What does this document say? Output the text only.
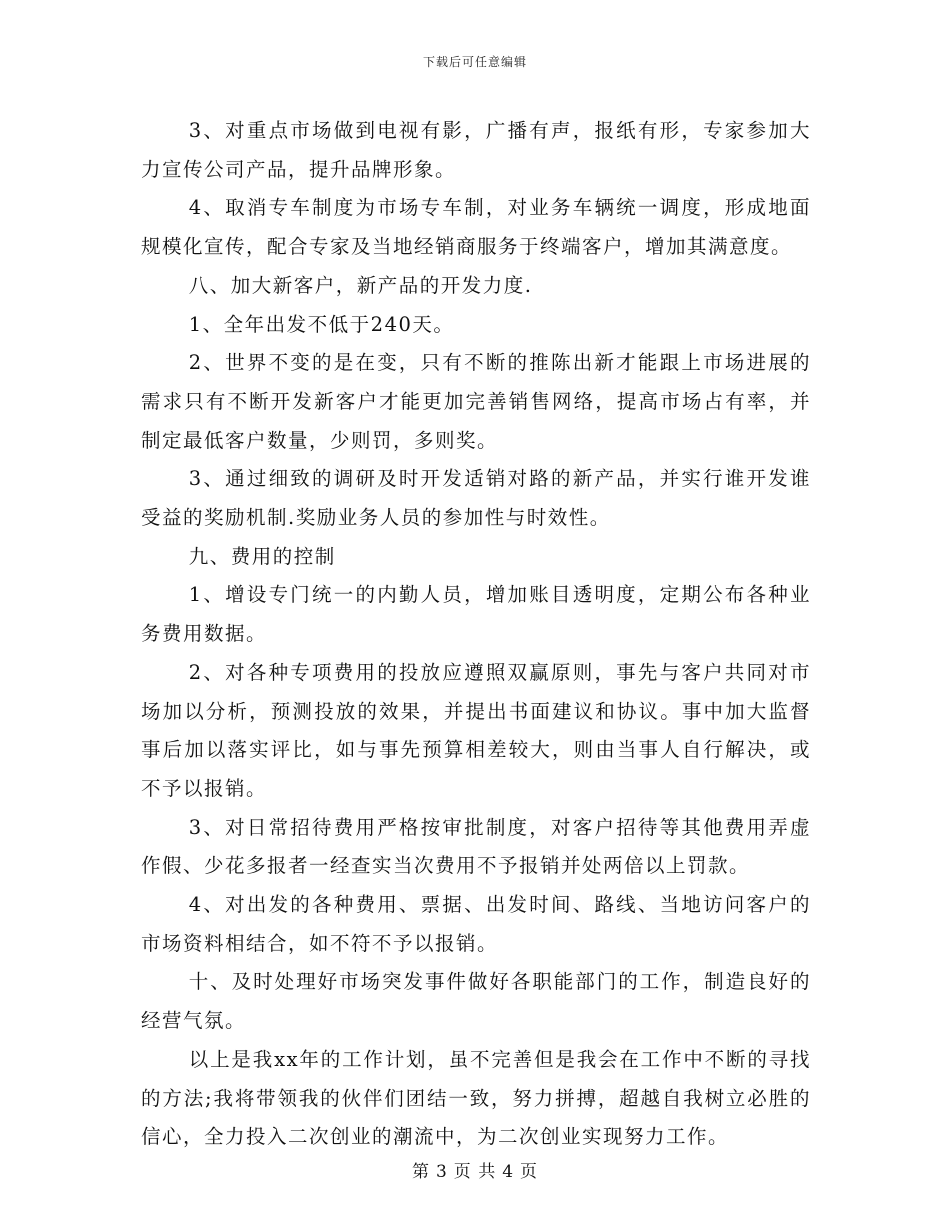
下载后可任意编辑

3、对重点市场做到电视有影，广播有声，报纸有形，专家参加大力宣传公司产品，提升品牌形象。

4、取消专车制度为市场专车制，对业务车辆统一调度，形成地面规模化宣传，配合专家及当地经销商服务于终端客户，增加其满意度。

八、加大新客户，新产品的开发力度.

1、全年出发不低于240天。

2、世界不变的是在变，只有不断的推陈出新才能跟上市场进展的需求只有不断开发新客户才能更加完善销售网络，提高市场占有率，并制定最低客户数量，少则罚，多则奖。

3、通过细致的调研及时开发适销对路的新产品，并实行谁开发谁受益的奖励机制.奖励业务人员的参加性与时效性。

九、费用的控制

1、增设专门统一的内勤人员，增加账目透明度，定期公布各种业务费用数据。

2、对各种专项费用的投放应遵照双赢原则，事先与客户共同对市场加以分析，预测投放的效果，并提出书面建议和协议。事中加大监督事后加以落实评比，如与事先预算相差较大，则由当事人自行解决，或不予以报销。

3、对日常招待费用严格按审批制度，对客户招待等其他费用弄虚作假、少花多报者一经查实当次费用不予报销并处两倍以上罚款。

4、对出发的各种费用、票据、出发时间、路线、当地访问客户的市场资料相结合，如不符不予以报销。

十、及时处理好市场突发事件做好各职能部门的工作，制造良好的经营气氛。

以上是我xx年的工作计划，虽不完善但是我会在工作中不断的寻找的方法;我将带领我的伙伴们团结一致，努力拼搏，超越自我树立必胜的信心，全力投入二次创业的潮流中，为二次创业实现努力工作。

第 3 页 共 4 页
